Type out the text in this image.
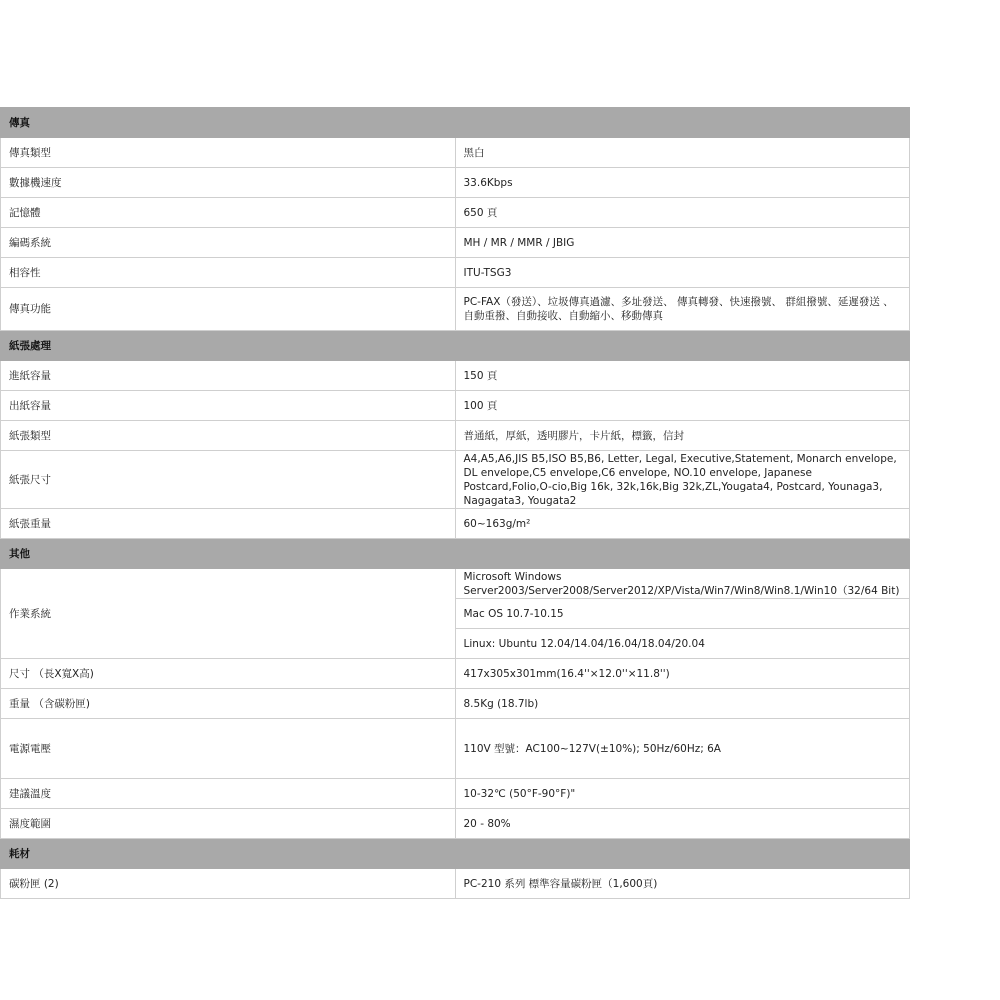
傳真	
傳真類型	黑白
數據機速度	33.6Kbps
記憶體	650 頁
編碼系統	MH / MR / MMR / JBIG
相容性	ITU-TSG3
傳真功能	PC-FAX（發送）、垃圾傳真過濾、多址發送、 傳真轉發、快速撥號、 群組撥號、延遲發送 、 自動重撥、自動接收、自動縮小、移動傳真
紙張處理	
進紙容量	150 頁
出紙容量	100 頁
紙張類型	普通紙，厚紙，透明膠片，卡片紙，標籤，信封
紙張尺寸	A4,A5,A6,JIS B5,ISO B5,B6, Letter, Legal, Executive,Statement, Monarch envelope, DL envelope,C5 envelope,C6 envelope, NO.10 envelope, Japanese Postcard,Folio,O-cio,Big 16k, 32k,16k,Big 32k,ZL,Yougata4, Postcard, Younaga3, Nagagata3, Yougata2
紙張重量	60~163g/m²
其他	
作業系統	Microsoft Windows Server2003/Server2008/Server2012/XP/Vista/Win7/Win8/Win8.1/Win10（32/64 Bit)
	Mac OS 10.7-10.15
	Linux: Ubuntu 12.04/14.04/16.04/18.04/20.04
尺寸 （長X寬X高)	417x305x301mm(16.4''×12.0''×11.8'')
重量 （含碳粉匣)	8.5Kg (18.7lb)
電源電壓	110V 型號：AC100~127V(±10%); 50Hz/60Hz; 6A
建議溫度	10-32℃ (50°F-90°F)"
濕度範圍	20 - 80%
耗材	
碳粉匣 (2)	PC-210 系列 標準容量碳粉匣（1,600頁)
